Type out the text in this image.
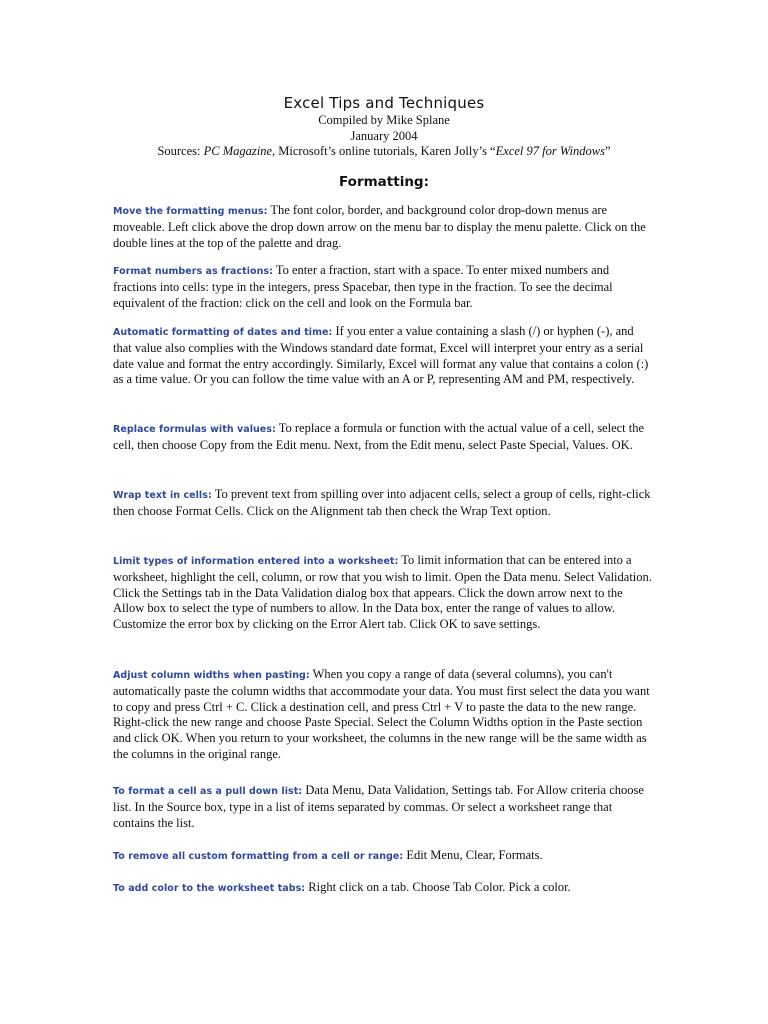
Excel Tips and Techniques
Compiled by Mike Splane
January 2004
Sources: PC Magazine, Microsoft’s online tutorials, Karen Jolly’s “Excel 97 for Windows”
Formatting:
Move the formatting menus: The font color, border, and background color drop-down menus are moveable. Left click above the drop down arrow on the menu bar to display the menu palette. Click on the double lines at the top of the palette and drag.
Format numbers as fractions: To enter a fraction, start with a space. To enter mixed numbers and fractions into cells: type in the integers, press Spacebar, then type in the fraction. To see the decimal equivalent of the fraction: click on the cell and look on the Formula bar.
Automatic formatting of dates and time: If you enter a value containing a slash (/) or hyphen (-), and that value also complies with the Windows standard date format, Excel will interpret your entry as a serial date value and format the entry accordingly. Similarly, Excel will format any value that contains a colon (:) as a time value. Or you can follow the time value with an A or P, representing AM and PM, respectively.
Replace formulas with values: To replace a formula or function with the actual value of a cell, select the cell, then choose Copy from the Edit menu. Next, from the Edit menu, select Paste Special, Values. OK.
Wrap text in cells: To prevent text from spilling over into adjacent cells, select a group of cells, right-click then choose Format Cells. Click on the Alignment tab then check the Wrap Text option.
Limit types of information entered into a worksheet: To limit information that can be entered into a worksheet, highlight the cell, column, or row that you wish to limit. Open the Data menu. Select Validation. Click the Settings tab in the Data Validation dialog box that appears. Click the down arrow next to the Allow box to select the type of numbers to allow. In the Data box, enter the range of values to allow. Customize the error box by clicking on the Error Alert tab. Click OK to save settings.
Adjust column widths when pasting: When you copy a range of data (several columns), you can't automatically paste the column widths that accommodate your data. You must first select the data you want to copy and press Ctrl + C. Click a destination cell, and press Ctrl + V to paste the data to the new range. Right-click the new range and choose Paste Special. Select the Column Widths option in the Paste section and click OK. When you return to your worksheet, the columns in the new range will be the same width as the columns in the original range.
To format a cell as a pull down list: Data Menu, Data Validation, Settings tab. For Allow criteria choose list. In the Source box, type in a list of items separated by commas. Or select a worksheet range that contains the list.
To remove all custom formatting from a cell or range: Edit Menu, Clear, Formats.
To add color to the worksheet tabs: Right click on a tab. Choose Tab Color. Pick a color.
